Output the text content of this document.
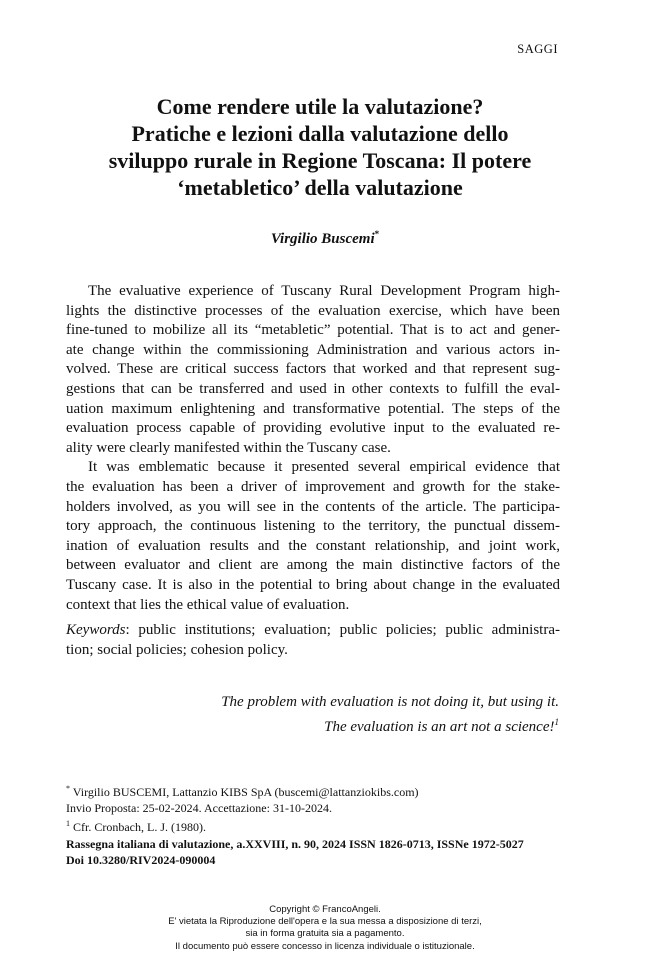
SAGGI
Come rendere utile la valutazione?
Pratiche e lezioni dalla valutazione dello
sviluppo rurale in Regione Toscana: Il potere
‘metabletico’ della valutazione
Virgilio Buscemi*
The evaluative experience of Tuscany Rural Development Program high-
lights the distinctive processes of the evaluation exercise, which have been
fine-tuned to mobilize all its “metabletic” potential. That is to act and gener-
ate change within the commissioning Administration and various actors in-
volved. These are critical success factors that worked and that represent sug-
gestions that can be transferred and used in other contexts to fulfill the eval-
uation maximum enlightening and transformative potential. The steps of the
evaluation process capable of providing evolutive input to the evaluated re-
ality were clearly manifested within the Tuscany case.
It was emblematic because it presented several empirical evidence that
the evaluation has been a driver of improvement and growth for the stake-
holders involved, as you will see in the contents of the article. The participa-
tory approach, the continuous listening to the territory, the punctual dissem-
ination of evaluation results and the constant relationship, and joint work,
between evaluator and client are among the main distinctive factors of the
Tuscany case. It is also in the potential to bring about change in the evaluated
context that lies the ethical value of evaluation.
Keywords: public institutions; evaluation; public policies; public administra-
tion; social policies; cohesion policy.
The problem with evaluation is not doing it, but using it.
The evaluation is an art not a science!$^1$
* Virgilio BUSCEMI, Lattanzio KIBS SpA (buscemi@lattanziokibs.com)
Invio Proposta: 25-02-2024. Accettazione: 31-10-2024.
$^1$ Cfr. Cronbach, L. J. (1980).
Rassegna italiana di valutazione, a.XXVIII, n. 90, 2024 ISSN 1826-0713, ISSNe 1972-5027
Doi 10.3280/RIV2024-090004
Copyright © FrancoAngeli.
E' vietata la Riproduzione dell'opera e la sua messa a disposizione di terzi,
sia in forma gratuita sia a pagamento.
Il documento può essere concesso in licenza individuale o istituzionale.
